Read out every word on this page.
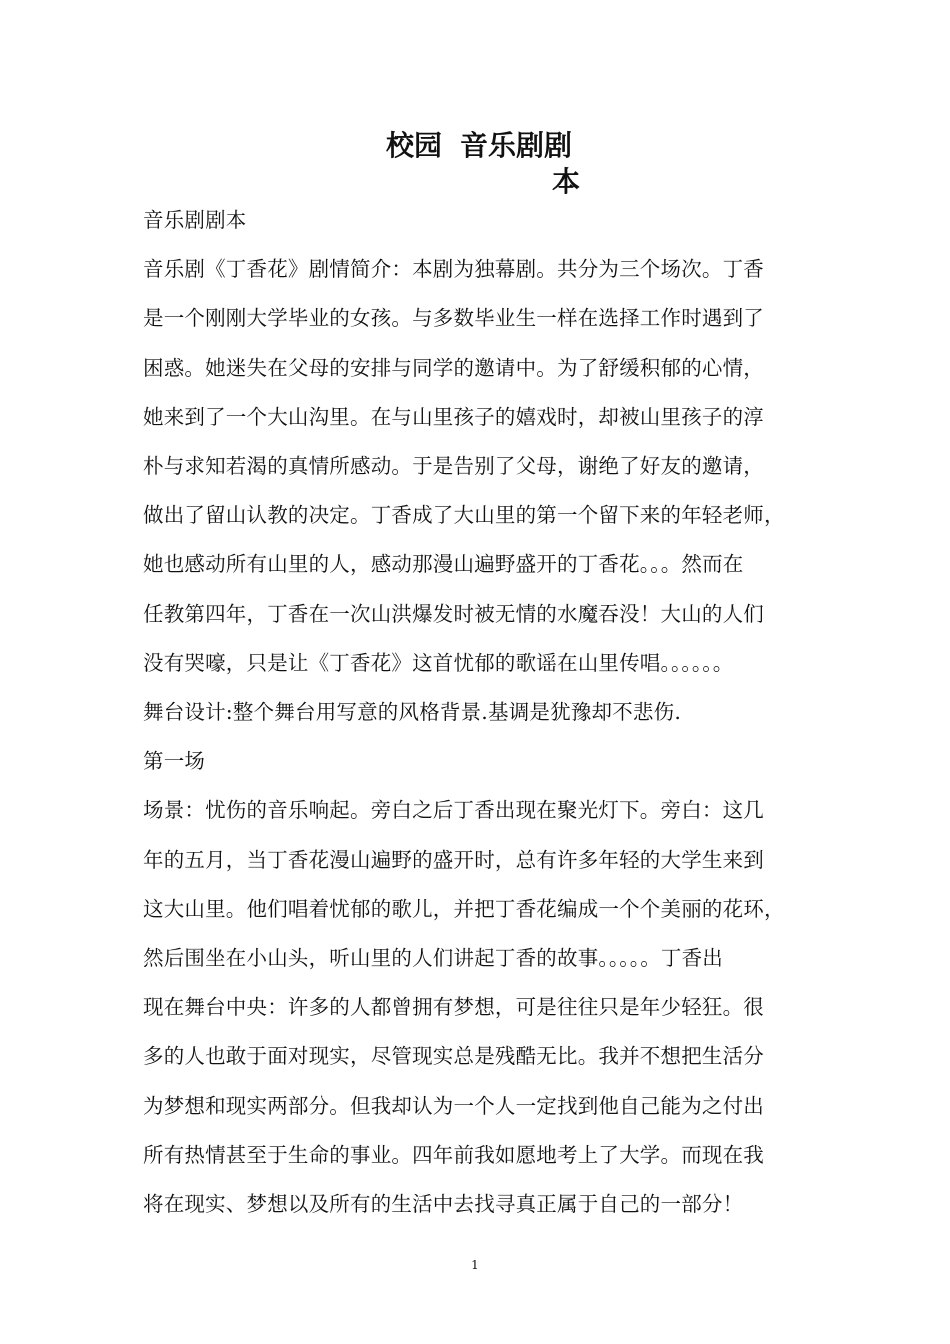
校园 音乐剧剧
本

音乐剧剧本

音乐剧《丁香花》剧情简介：本剧为独幕剧。共分为三个场次。丁香

是一个刚刚大学毕业的女孩。与多数毕业生一样在选择工作时遇到了

困惑。她迷失在父母的安排与同学的邀请中。为了舒缓积郁的心情，

她来到了一个大山沟里。在与山里孩子的嬉戏时，却被山里孩子的淳

朴与求知若渴的真情所感动。于是告别了父母，谢绝了好友的邀请，

做出了留山认教的决定。丁香成了大山里的第一个留下来的年轻老师，

她也感动所有山里的人，感动那漫山遍野盛开的丁香花。。。然而在

任教第四年，丁香在一次山洪爆发时被无情的水魔吞没！大山的人们

没有哭嚎，只是让《丁香花》这首忧郁的歌谣在山里传唱。。。。。。

舞台设计:整个舞台用写意的风格背景.基调是犹豫却不悲伤.

第一场

场景：忧伤的音乐响起。旁白之后丁香出现在聚光灯下。旁白：这几

年的五月，当丁香花漫山遍野的盛开时，总有许多年轻的大学生来到

这大山里。他们唱着忧郁的歌儿，并把丁香花编成一个个美丽的花环，

然后围坐在小山头，听山里的人们讲起丁香的故事。。。。。丁香出

现在舞台中央：许多的人都曾拥有梦想，可是往往只是年少轻狂。很

多的人也敢于面对现实，尽管现实总是残酷无比。我并不想把生活分

为梦想和现实两部分。但我却认为一个人一定找到他自己能为之付出

所有热情甚至于生命的事业。四年前我如愿地考上了大学。而现在我

将在现实、梦想以及所有的生活中去找寻真正属于自己的一部分！

1
